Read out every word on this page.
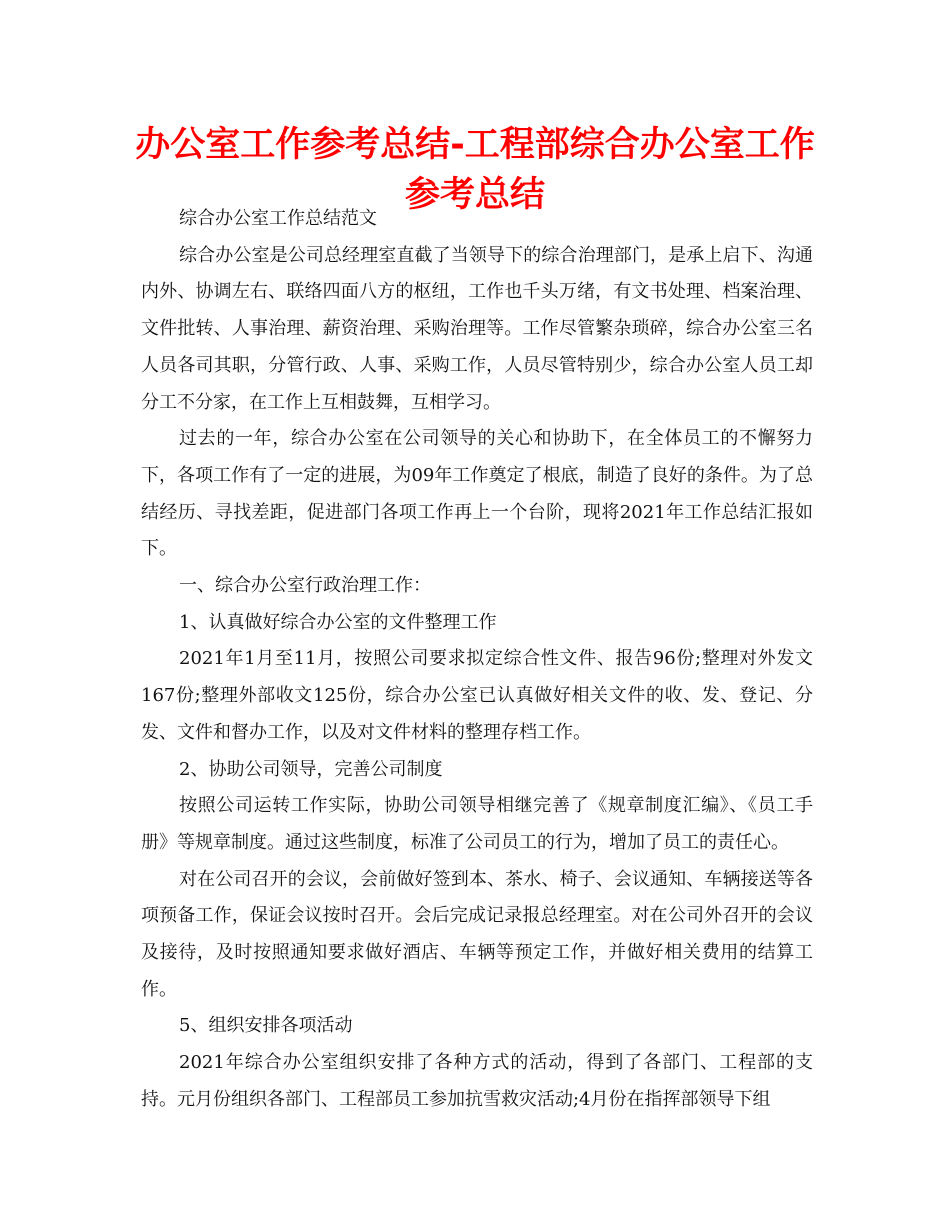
办公室工作参考总结-工程部综合办公室工作参考总结

综合办公室工作总结范文

综合办公室是公司总经理室直截了当领导下的综合治理部门，是承上启下、沟通内外、协调左右、联络四面八方的枢纽，工作也千头万绪，有文书处理、档案治理、文件批转、人事治理、薪资治理、采购治理等。工作尽管繁杂琐碎，综合办公室三名人员各司其职，分管行政、人事、采购工作，人员尽管特别少，综合办公室人员工却分工不分家，在工作上互相鼓舞，互相学习。

过去的一年，综合办公室在公司领导的关心和协助下，在全体员工的不懈努力下，各项工作有了一定的进展，为09年工作奠定了根底，制造了良好的条件。为了总结经历、寻找差距，促进部门各项工作再上一个台阶，现将2021年工作总结汇报如下。

一、综合办公室行政治理工作：

1、认真做好综合办公室的文件整理工作

2021年1月至11月，按照公司要求拟定综合性文件、报告96份;整理对外发文167份;整理外部收文125份，综合办公室已认真做好相关文件的收、发、登记、分发、文件和督办工作，以及对文件材料的整理存档工作。

2、协助公司领导，完善公司制度

按照公司运转工作实际，协助公司领导相继完善了《规章制度汇编》、《员工手册》等规章制度。通过这些制度，标准了公司员工的行为，增加了员工的责任心。

对在公司召开的会议，会前做好签到本、茶水、椅子、会议通知、车辆接送等各项预备工作，保证会议按时召开。会后完成记录报总经理室。对在公司外召开的会议及接待，及时按照通知要求做好酒店、车辆等预定工作，并做好相关费用的结算工作。

5、组织安排各项活动

2021年综合办公室组织安排了各种方式的活动，得到了各部门、工程部的支持。元月份组织各部门、工程部员工参加抗雪救灾活动;4月份在指挥部领导下组
